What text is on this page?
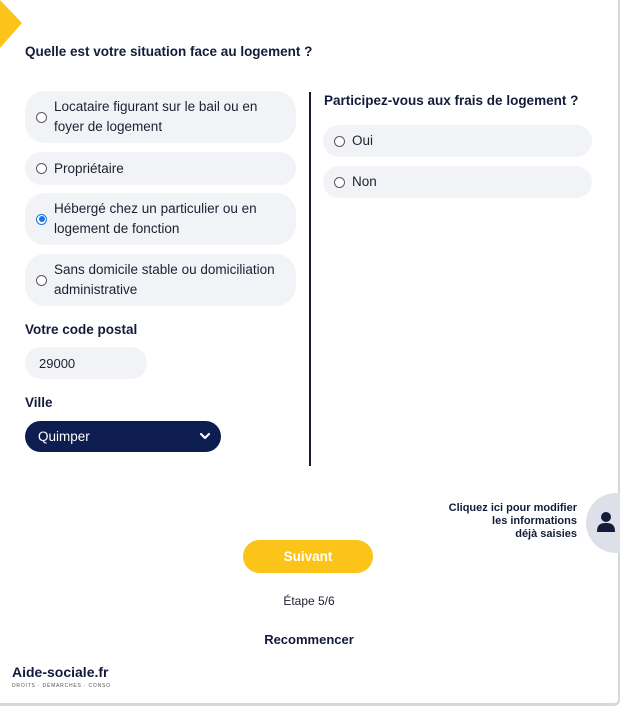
Quelle est votre situation face au logement ?
Locataire figurant sur le bail ou en
foyer de logement
Propriétaire
Hébergé chez un particulier ou en
logement de fonction
Sans domicile stable ou domiciliation
administrative
Participez-vous aux frais de logement ?
Oui
Non
Votre code postal
29000
Ville
Quimper
Cliquez ici pour modifier
les informations
déjà saisies
Suivant
Étape 5/6
Recommencer
Aide-sociale.fr
DROITS · DÉMARCHES · CONSO
